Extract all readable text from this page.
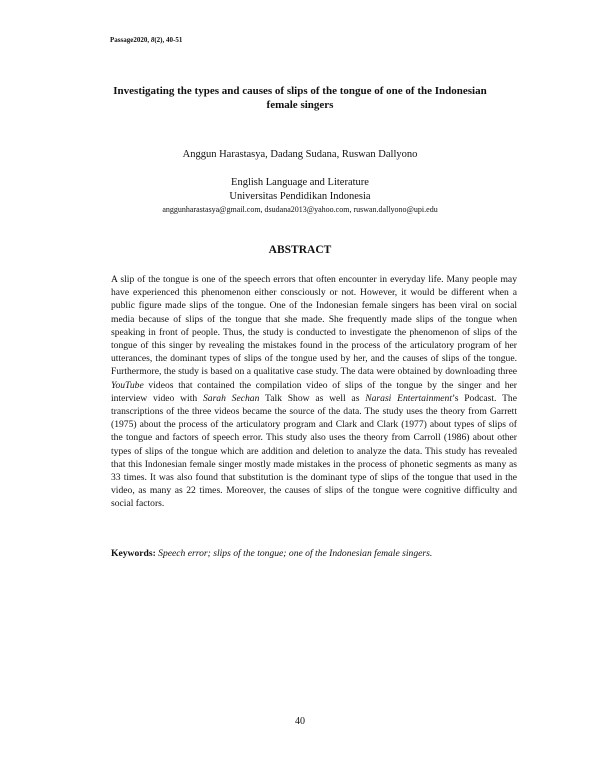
Passage2020, 8(2), 40-51
Investigating the types and causes of slips of the tongue of one of the Indonesian female singers
Anggun Harastasya, Dadang Sudana, Ruswan Dallyono
English Language and Literature
Universitas Pendidikan Indonesia
anggunharastasya@gmail.com, dsudana2013@yahoo.com, ruswan.dallyono@upi.edu
ABSTRACT
A slip of the tongue is one of the speech errors that often encounter in everyday life. Many people may have experienced this phenomenon either consciously or not. However, it would be different when a public figure made slips of the tongue. One of the Indonesian female singers has been viral on social media because of slips of the tongue that she made. She frequently made slips of the tongue when speaking in front of people. Thus, the study is conducted to investigate the phenomenon of slips of the tongue of this singer by revealing the mistakes found in the process of the articulatory program of her utterances, the dominant types of slips of the tongue used by her, and the causes of slips of the tongue. Furthermore, the study is based on a qualitative case study. The data were obtained by downloading three YouTube videos that contained the compilation video of slips of the tongue by the singer and her interview video with Sarah Sechan Talk Show as well as Narasi Entertainment’s Podcast. The transcriptions of the three videos became the source of the data. The study uses the theory from Garrett (1975) about the process of the articulatory program and Clark and Clark (1977) about types of slips of the tongue and factors of speech error. This study also uses the theory from Carroll (1986) about other types of slips of the tongue which are addition and deletion to analyze the data. This study has revealed that this Indonesian female singer mostly made mistakes in the process of phonetic segments as many as 33 times. It was also found that substitution is the dominant type of slips of the tongue that used in the video, as many as 22 times. Moreover, the causes of slips of the tongue were cognitive difficulty and social factors.
Keywords: Speech error; slips of the tongue; one of the Indonesian female singers.
40
